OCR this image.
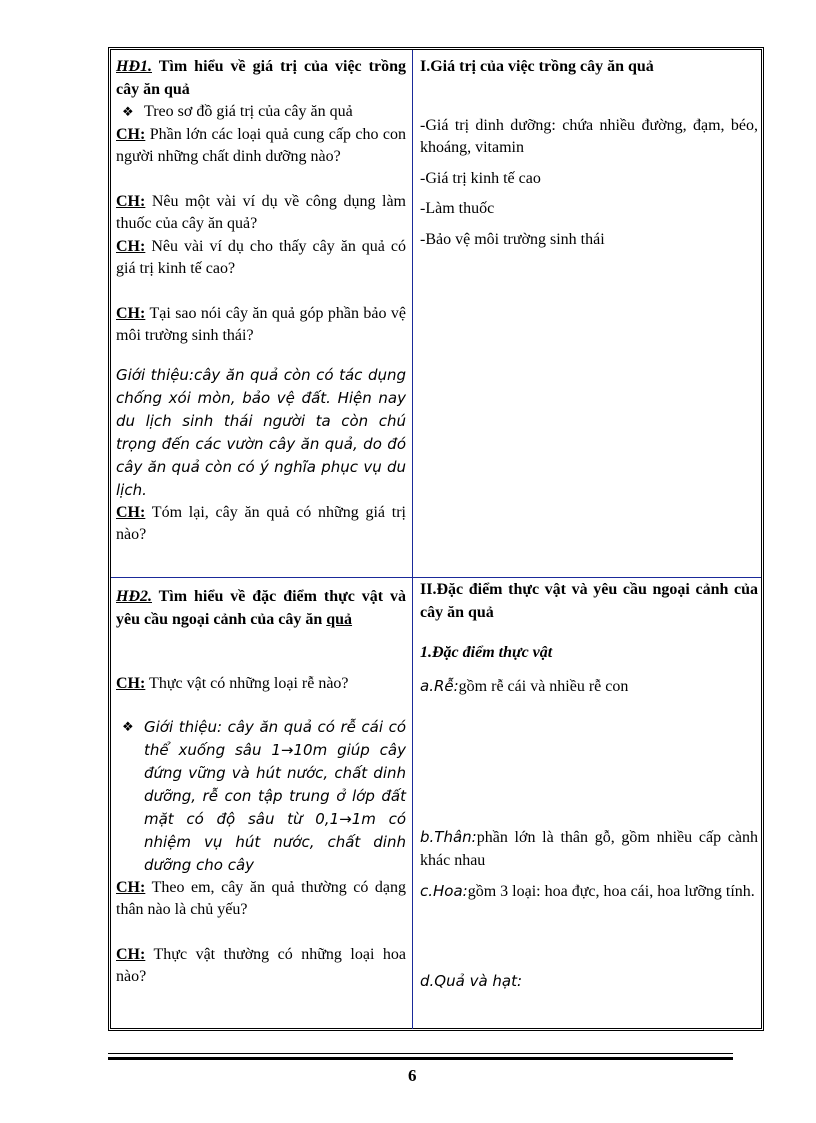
HĐ1. Tìm hiểu về giá trị của việc trồng cây ăn quả

❖ Treo sơ đồ giá trị của cây ăn quả

CH: Phần lớn các loại quả cung cấp cho con người những chất dinh dưỡng nào?

CH: Nêu một vài ví dụ về công dụng làm thuốc của cây ăn quả?

CH: Nêu vài ví dụ cho thấy cây ăn quả có giá trị kinh tế cao?

CH: Tại sao nói cây ăn quả góp phần bảo vệ môi trường sinh thái?

Giới thiệu:cây ăn quả còn có tác dụng chống xói mòn, bảo vệ đất. Hiện nay du lịch sinh thái người ta còn chú trọng đến các vườn cây ăn quả, do đó cây ăn quả còn có ý nghĩa phục vụ du lịch.

CH: Tóm lại, cây ăn quả có những giá trị nào?

I.Giá trị của việc trồng cây ăn quả

-Giá trị dinh dưỡng: chứa nhiều đường, đạm, béo, khoáng, vitamin

-Giá trị kinh tế cao

-Làm thuốc

-Bảo vệ môi trường sinh thái

HĐ2. Tìm hiểu về đặc điểm thực vật và yêu cầu ngoại cảnh của cây ăn quả

CH: Thực vật có những loại rễ nào?

❖ Giới thiệu: cây ăn quả có rễ cái có thể xuống sâu 1→10m giúp cây đứng vững và hút nước, chất dinh dưỡng, rễ con tập trung ở lớp đất mặt có độ sâu từ 0,1→1m có nhiệm vụ hút nước, chất dinh dưỡng cho cây

CH: Theo em, cây ăn quả thường có dạng thân nào là chủ yếu?

CH: Thực vật thường có những loại hoa nào?

II.Đặc điểm thực vật và yêu cầu ngoại cảnh của cây ăn quả

1.Đặc điểm thực vật

a.Rễ:gồm rễ cái và nhiều rễ con

b.Thân:phần lớn là thân gỗ, gồm nhiều cấp cành khác nhau

c.Hoa:gồm 3 loại: hoa đực, hoa cái, hoa lưỡng tính.

d.Quả và hạt:

6
